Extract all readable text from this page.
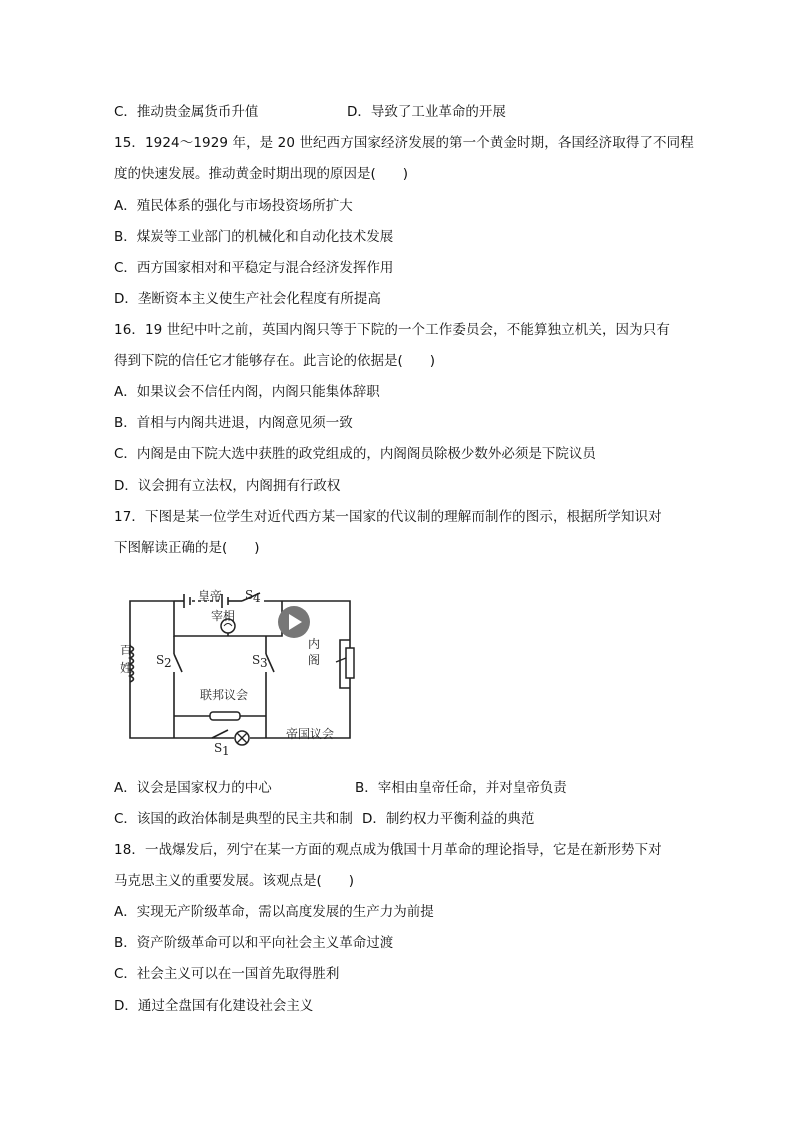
C．推动贵金属货币升值	D．导致了工业革命的开展
15．1924～1929 年，是 20 世纪西方国家经济发展的第一个黄金时期，各国经济取得了不同程
度的快速发展。推动黄金时期出现的原因是(　　)
A．殖民体系的强化与市场投资场所扩大
B．煤炭等工业部门的机械化和自动化技术发展
C．西方国家相对和平稳定与混合经济发挥作用
D．垄断资本主义使生产社会化程度有所提高
16．19 世纪中叶之前，英国内阁只等于下院的一个工作委员会，不能算独立机关，因为只有
得到下院的信任它才能够存在。此言论的依据是(　　)
A．如果议会不信任内阁，内阁只能集体辞职
B．首相与内阁共进退，内阁意见须一致
C．内阁是由下院大选中获胜的政党组成的，内阁阁员除极少数外必须是下院议员
D．议会拥有立法权，内阁拥有行政权
17．下图是某一位学生对近代西方某一国家的代议制的理解而制作的图示，根据所学知识对
下图解读正确的是(　　)
皇帝 S 4
宰相
内
阁
百
姓
S 2	S 3
联邦议会
帝国议会
S 1
A．议会是国家权力的中心	B．宰相由皇帝任命，并对皇帝负责
C．该国的政治体制是典型的民主共和制 D．制约权力平衡利益的典范
18．一战爆发后，列宁在某一方面的观点成为俄国十月革命的理论指导，它是在新形势下对
马克思主义的重要发展。该观点是(　　)
A．实现无产阶级革命，需以高度发展的生产力为前提
B．资产阶级革命可以和平向社会主义革命过渡
C．社会主义可以在一国首先取得胜利
D．通过全盘国有化建设社会主义
